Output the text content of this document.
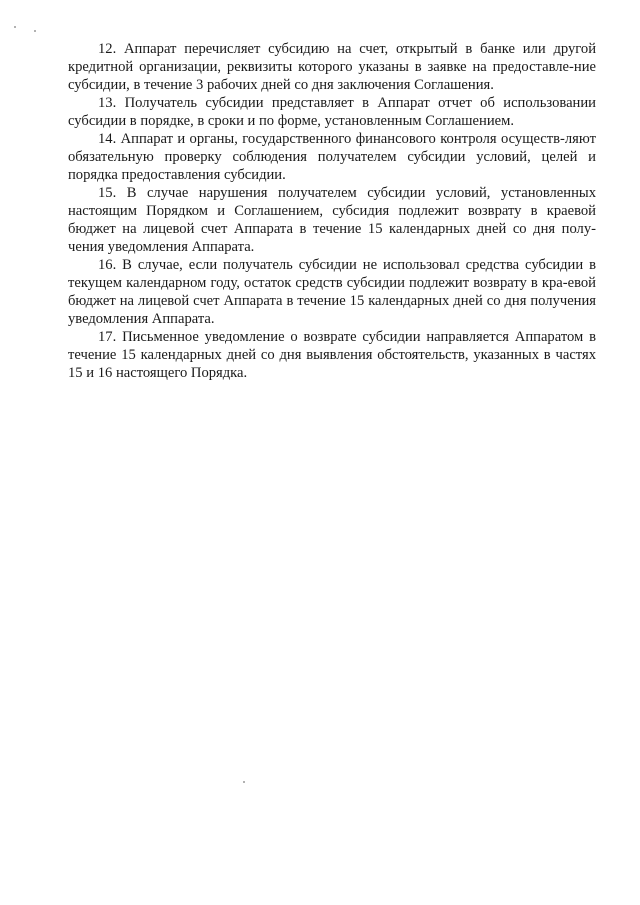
12. Аппарат перечисляет субсидию на счет, открытый в банке или другой кредитной организации, реквизиты которого указаны в заявке на предоставле-ние субсидии, в течение 3 рабочих дней со дня заключения Соглашения.

13. Получатель субсидии представляет в Аппарат отчет об использовании субсидии в порядке, в сроки и по форме, установленным Соглашением.

14. Аппарат и органы, государственного финансового контроля осуществ-ляют обязательную проверку соблюдения получателем субсидии условий, целей и порядка предоставления субсидии.

15. В случае нарушения получателем субсидии условий, установленных настоящим Порядком и Соглашением, субсидия подлежит возврату в краевой бюджет на лицевой счет Аппарата в течение 15 календарных дней со дня полу-чения уведомления Аппарата.

16. В случае, если получатель субсидии не использовал средства субсидии в текущем календарном году, остаток средств субсидии подлежит возврату в кра-евой бюджет на лицевой счет Аппарата в течение 15 календарных дней со дня получения уведомления Аппарата.

17. Письменное уведомление о возврате субсидии направляется Аппаратом в течение 15 календарных дней со дня выявления обстоятельств, указанных в частях 15 и 16 настоящего Порядка.
